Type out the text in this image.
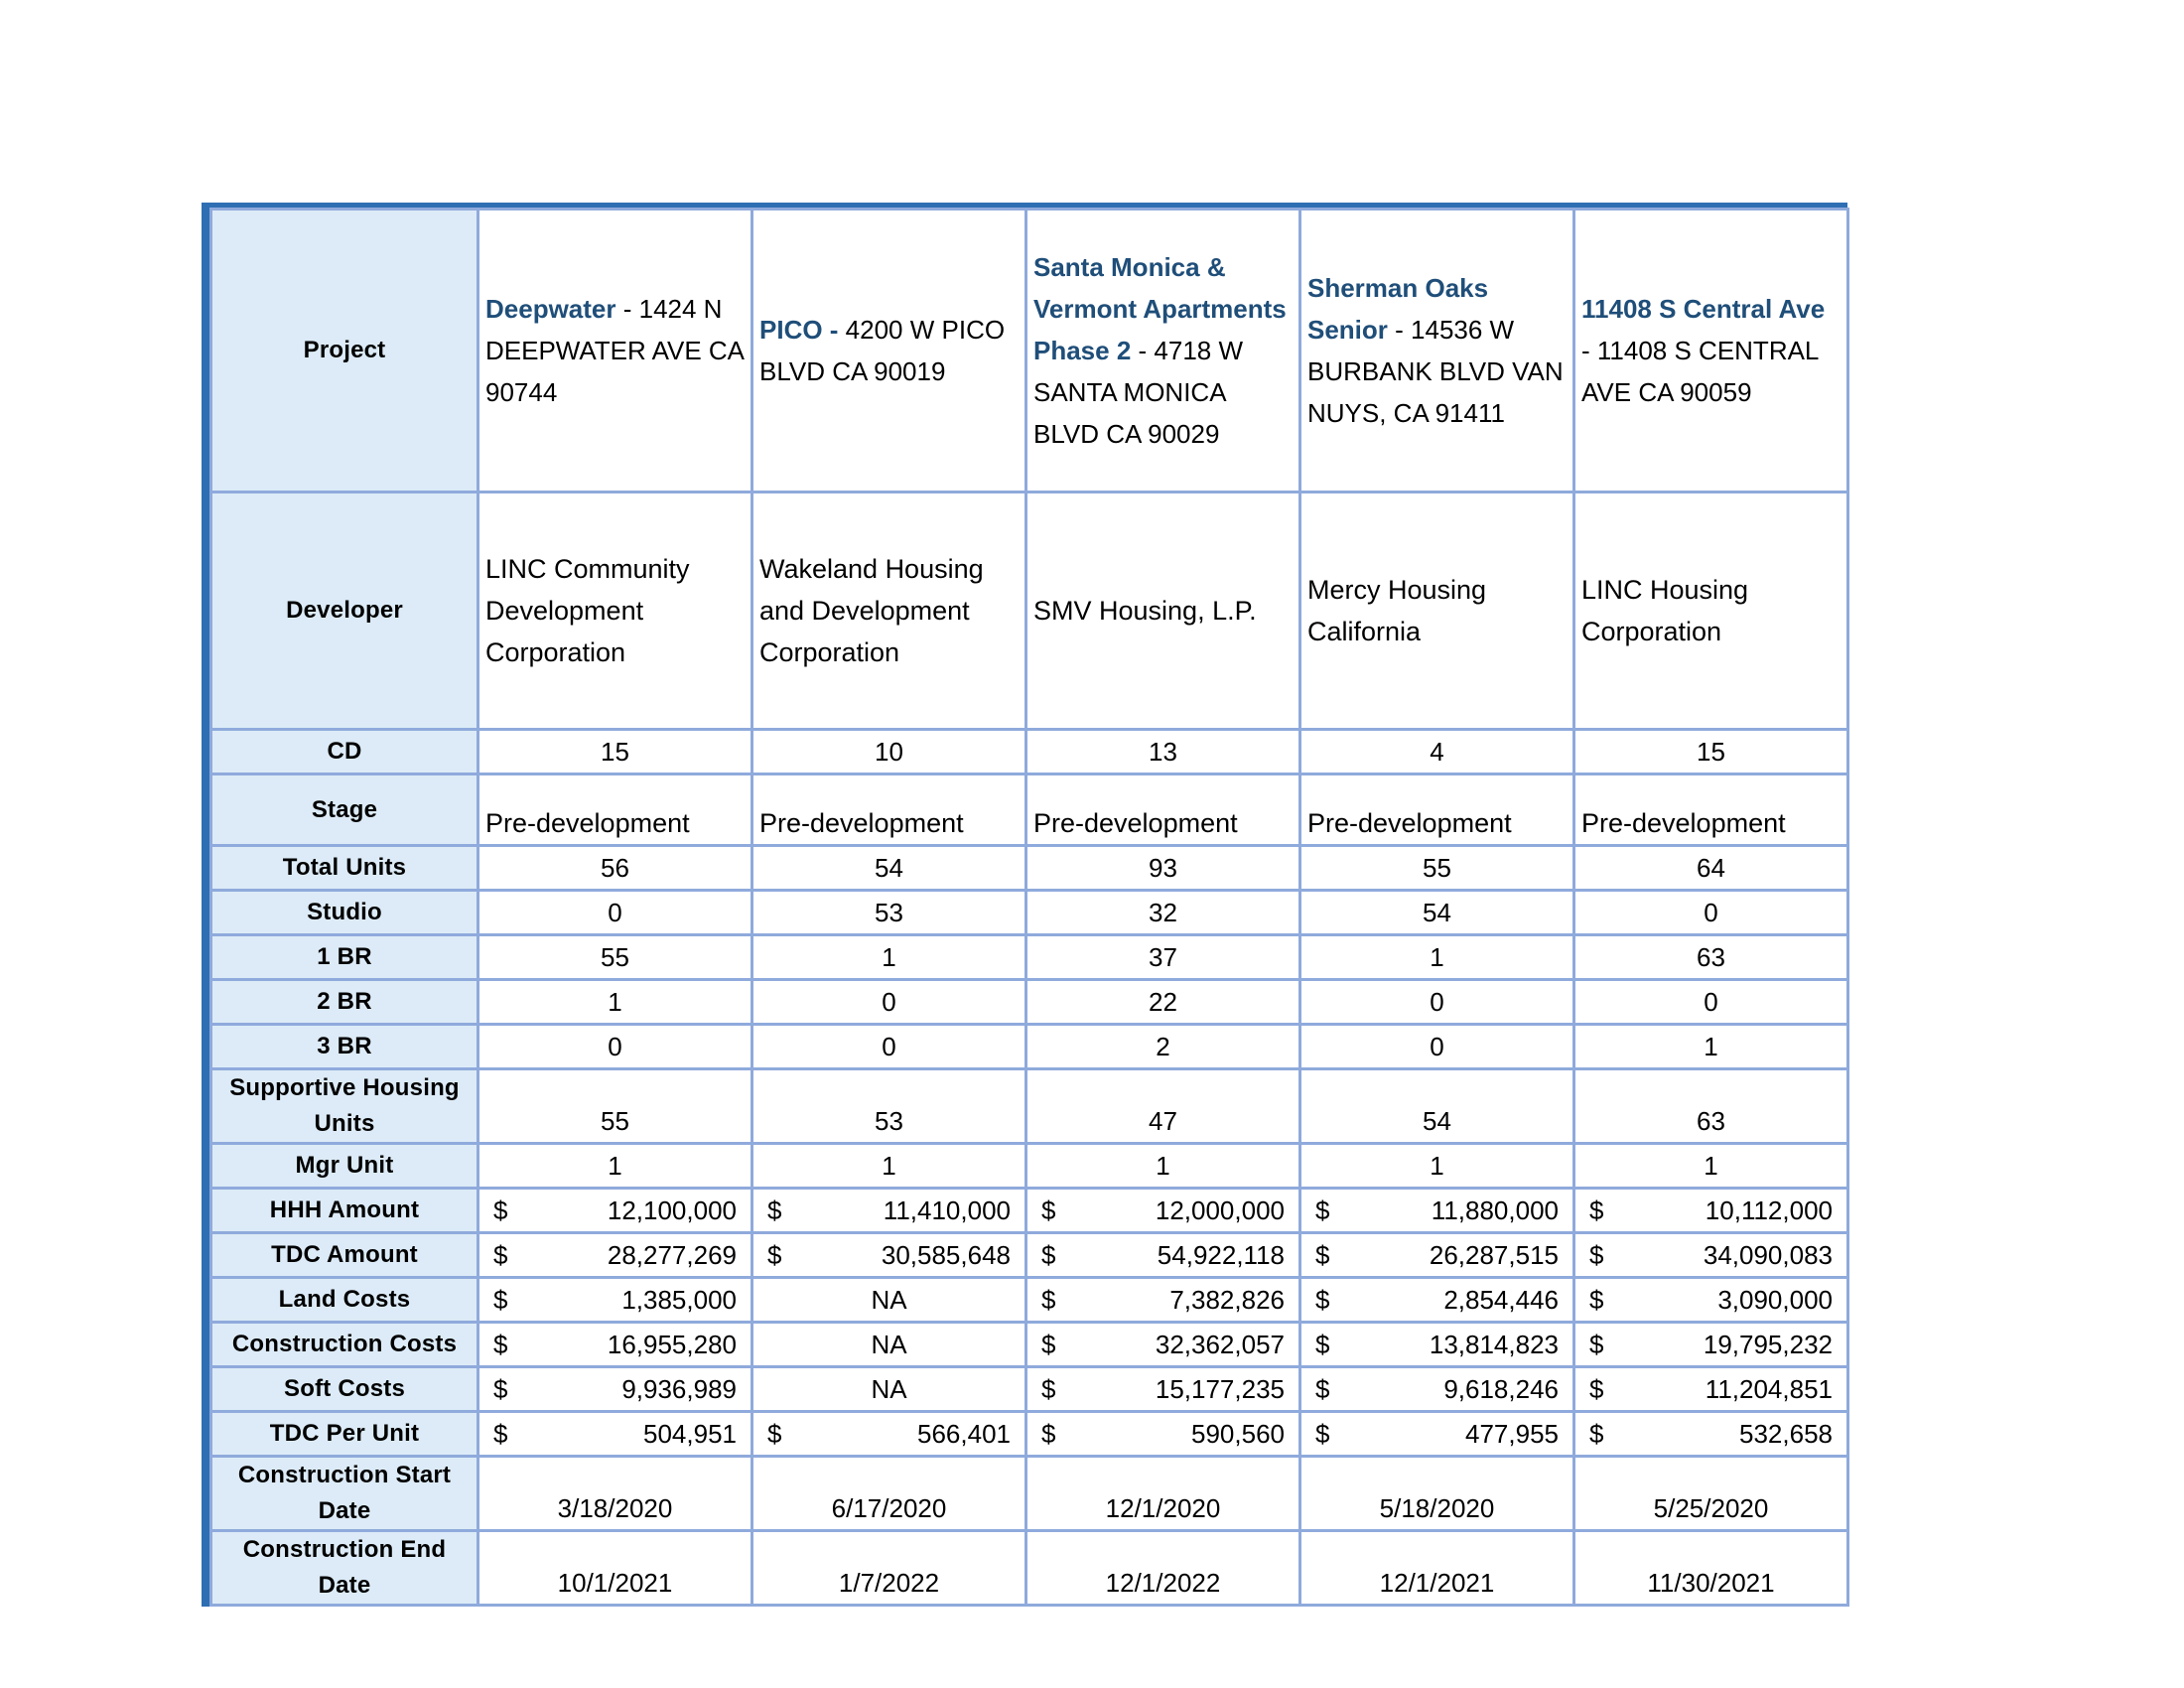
Project	Deepwater - 1424 N DEEPWATER AVE CA 90744	PICO - 4200 W PICO BLVD CA 90019	Santa Monica & Vermont Apartments Phase 2 - 4718 W SANTA MONICA BLVD CA 90029	Sherman Oaks Senior - 14536 W BURBANK BLVD VAN NUYS, CA 91411	11408 S Central Ave - 11408 S CENTRAL AVE CA 90059
Developer	LINC Community Development Corporation	Wakeland Housing and Development Corporation	SMV Housing, L.P.	Mercy Housing California	LINC Housing Corporation
CD	15	10	13	4	15
Stage	Pre-development	Pre-development	Pre-development	Pre-development	Pre-development
Total Units	56	54	93	55	64
Studio	0	53	32	54	0
1 BR	55	1	37	1	63
2 BR	1	0	22	0	0
3 BR	0	0	2	0	1
Supportive Housing Units	55	53	47	54	63
Mgr Unit	1	1	1	1	1
HHH Amount	$ 12,100,000	$ 11,410,000	$ 12,000,000	$ 11,880,000	$ 10,112,000

TDC Amount	$ 28,277,269	$ 30,585,648	$ 54,922,118	$ 26,287,515	$ 34,090,083

Land Costs	$ 1,385,000	NA	$ 7,382,826	$ 2,854,446	$ 3,090,000

Construction Costs	$ 16,955,280	NA	$ 32,362,057	$ 13,814,823	$ 19,795,232

Soft Costs	$ 9,936,989	NA	$ 15,177,235	$ 9,618,246	$ 11,204,851

TDC Per Unit	$ 504,951	$ 566,401	$ 590,560	$ 477,955	$ 532,658

Construction Start Date	3/18/2020	6/17/2020	12/1/2020	5/18/2020	5/25/2020
Construction End Date	10/1/2021	1/7/2022	12/1/2022	12/1/2021	11/30/2021
